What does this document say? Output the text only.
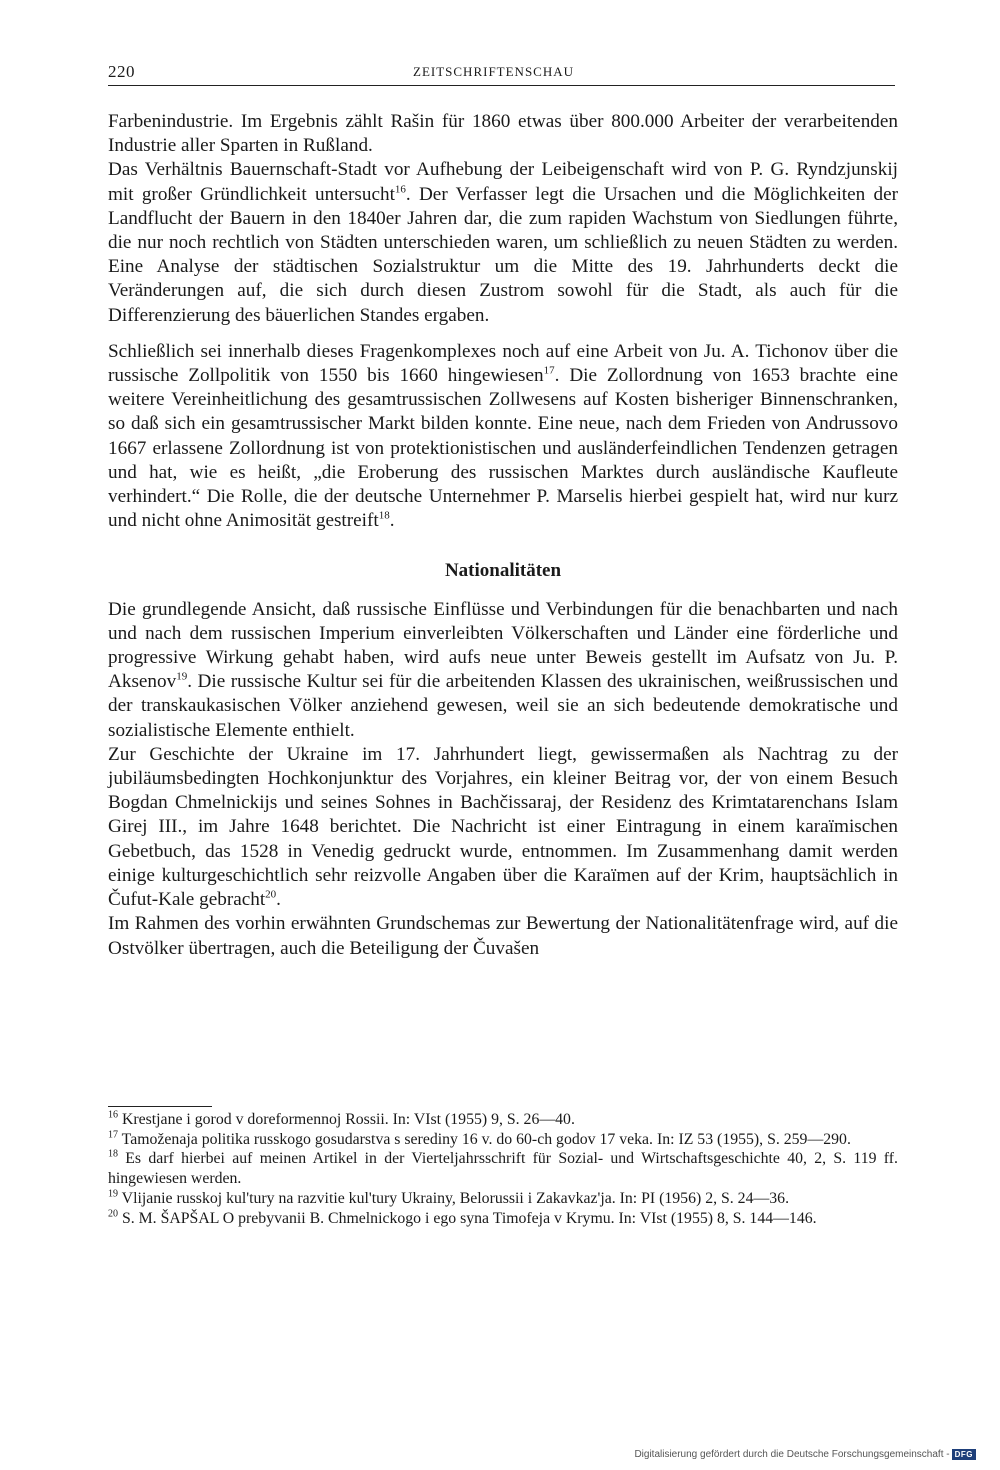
220	ZEITSCHRIFTENSCHAU

Farbenindustrie. Im Ergebnis zählt Rašin für 1860 etwas über 800.000 Arbeiter der verarbeitenden Industrie aller Sparten in Rußland.

Das Verhältnis Bauernschaft-Stadt vor Aufhebung der Leibeigenschaft wird von P. G. Ryndzjunskij mit großer Gründlichkeit untersucht$^{16}$. Der Verfasser legt die Ursachen und die Möglichkeiten der Landflucht der Bauern in den 1840er Jahren dar, die zum rapiden Wachstum von Siedlungen führte, die nur noch rechtlich von Städten unterschieden waren, um schließlich zu neuen Städten zu werden. Eine Analyse der städtischen Sozialstruktur um die Mitte des 19. Jahrhunderts deckt die Veränderungen auf, die sich durch diesen Zustrom sowohl für die Stadt, als auch für die Differenzierung des bäuerlichen Standes ergaben.

Schließlich sei innerhalb dieses Fragenkomplexes noch auf eine Arbeit von Ju. A. Tichonov über die russische Zollpolitik von 1550 bis 1660 hingewiesen$^{17}$. Die Zollordnung von 1653 brachte eine weitere Vereinheitlichung des gesamtrussischen Zollwesens auf Kosten bisheriger Binnenschranken, so daß sich ein gesamtrussischer Markt bilden konnte. Eine neue, nach dem Frieden von Andrussovo 1667 erlassene Zollordnung ist von protektionistischen und ausländerfeindlichen Tendenzen getragen und hat, wie es heißt, „die Eroberung des russischen Marktes durch ausländische Kaufleute verhindert.“ Die Rolle, die der deutsche Unternehmer P. Marselis hierbei gespielt hat, wird nur kurz und nicht ohne Animosität gestreift$^{18}$.

Nationalitäten

Die grundlegende Ansicht, daß russische Einflüsse und Verbindungen für die benachbarten und nach und nach dem russischen Imperium einverleibten Völkerschaften und Länder eine förderliche und progressive Wirkung gehabt haben, wird aufs neue unter Beweis gestellt im Aufsatz von Ju. P. Aksenov$^{19}$. Die russische Kultur sei für die arbeitenden Klassen des ukrainischen, weißrussischen und der transkaukasischen Völker anziehend gewesen, weil sie an sich bedeutende demokratische und sozialistische Elemente enthielt.

Zur Geschichte der Ukraine im 17. Jahrhundert liegt, gewissermaßen als Nachtrag zu der jubiläumsbedingten Hochkonjunktur des Vorjahres, ein kleiner Beitrag vor, der von einem Besuch Bogdan Chmelnickijs und seines Sohnes in Bachčissaraj, der Residenz des Krimtatarenchans Islam Girej III., im Jahre 1648 berichtet. Die Nachricht ist einer Eintragung in einem karaïmischen Gebetbuch, das 1528 in Venedig gedruckt wurde, entnommen. Im Zusammenhang damit werden einige kulturgeschichtlich sehr reizvolle Angaben über die Karaïmen auf der Krim, hauptsächlich in Čufut-Kale gebracht$^{20}$.

Im Rahmen des vorhin erwähnten Grundschemas zur Bewertung der Nationalitätenfrage wird, auf die Ostvölker übertragen, auch die Beteiligung der Čuvašen

$^{16}$ Krestjane i gorod v doreformennoj Rossii. In: VIst (1955) 9, S. 26—40.

$^{17}$ Tamoženaja politika russkogo gosudarstva s serediny 16 v. do 60-ch godov 17 veka. In: IZ 53 (1955), S. 259—290.

$^{18}$ Es darf hierbei auf meinen Artikel in der Vierteljahrsschrift für Sozial- und Wirtschaftsgeschichte 40, 2, S. 119 ff. hingewiesen werden.

$^{19}$ Vlijanie russkoj kul'tury na razvitie kul'tury Ukrainy, Belorussii i Zakavkaz'ja. In: PI (1956) 2, S. 24—36.

$^{20}$ S. M. ŠAPŠAL O prebyvanii B. Chmelnickogo i ego syna Timofeja v Krymu. In: VIst (1955) 8, S. 144—146.

Digitalisierung gefördert durch die Deutsche Forschungsgemeinschaft - DFG
